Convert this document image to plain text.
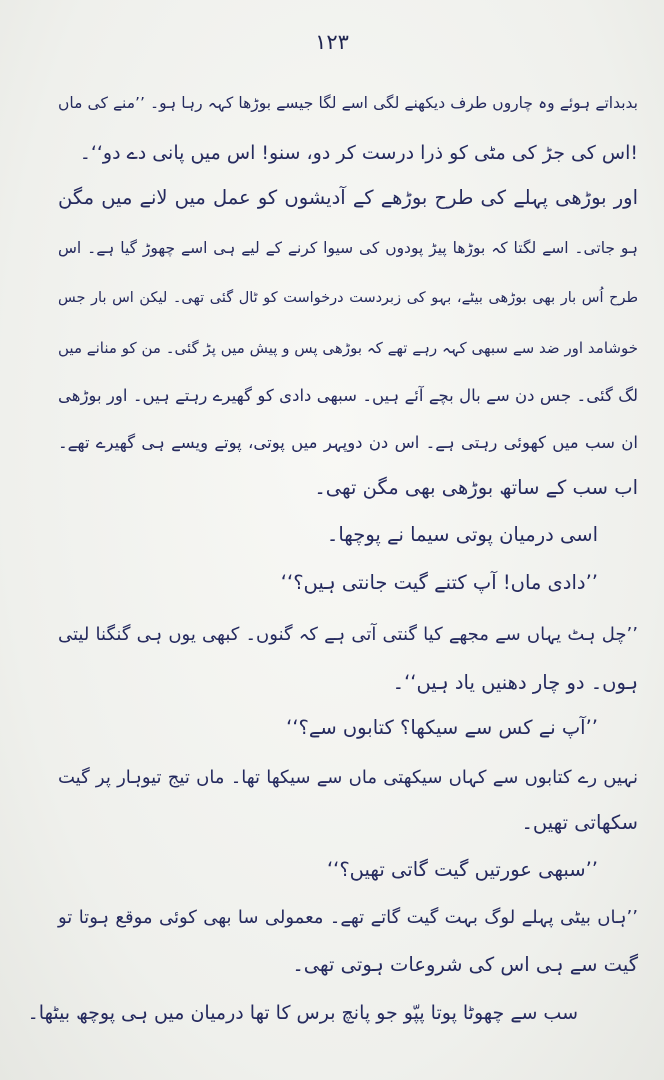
۱۲۳
بدبداتے ہوئے وہ چاروں طرف دیکھنے لگی اسے لگا جیسے بوڑھا کہہ رہا ہو۔ ’’منے کی ماں
!اس کی جڑ کی مٹی کو ذرا درست کر دو، سنو! اس میں پانی دے دو‘‘۔
اور بوڑھی پہلے کی طرح بوڑھے کے آدیشوں کو عمل میں لانے میں مگن
ہو جاتی۔ اسے لگتا کہ بوڑھا پیڑ پودوں کی سیوا کرنے کے لیے ہی اسے چھوڑ گیا ہے۔ اس
طرح اُس بار بھی بوڑھی بیٹے، بہو کی زبردست درخواست کو ٹال گئی تھی۔ لیکن اس بار جس
خوشامد اور ضد سے سبھی کہہ رہے تھے کہ بوڑھی پس و پیش میں پڑ گئی۔ من کو منانے میں
لگ گئی۔ جس دن سے بال بچے آئے ہیں۔ سبھی دادی کو گھیرے رہتے ہیں۔ اور بوڑھی
ان سب میں کھوئی رہتی ہے۔ اس دن دوپہر میں پوتی، پوتے ویسے ہی گھیرے تھے۔
اب سب کے ساتھ بوڑھی بھی مگن تھی۔
اسی درمیان پوتی سیما نے پوچھا۔
’’دادی ماں! آپ کتنے گیت جانتی ہیں؟‘‘
’’چل ہٹ یہاں سے مجھے کیا گنتی آتی ہے کہ گنوں۔ کبھی یوں ہی گنگنا لیتی
ہوں۔ دو چار دھنیں یاد ہیں‘‘۔
’’آپ نے کس سے سیکھا؟ کتابوں سے؟‘‘
نہیں رے کتابوں سے کہاں سیکھتی ماں سے سیکھا تھا۔ ماں تیج تیوہار پر گیت
سکھاتی تھیں۔
’’سبھی عورتیں گیت گاتی تھیں؟‘‘
’’ہاں بیٹی پہلے لوگ بہت گیت گاتے تھے۔ معمولی سا بھی کوئی موقع ہوتا تو
گیت سے ہی اس کی شروعات ہوتی تھی۔
سب سے چھوٹا پوتا پپّو جو پانچ برس کا تھا درمیان میں ہی پوچھ بیٹھا۔
